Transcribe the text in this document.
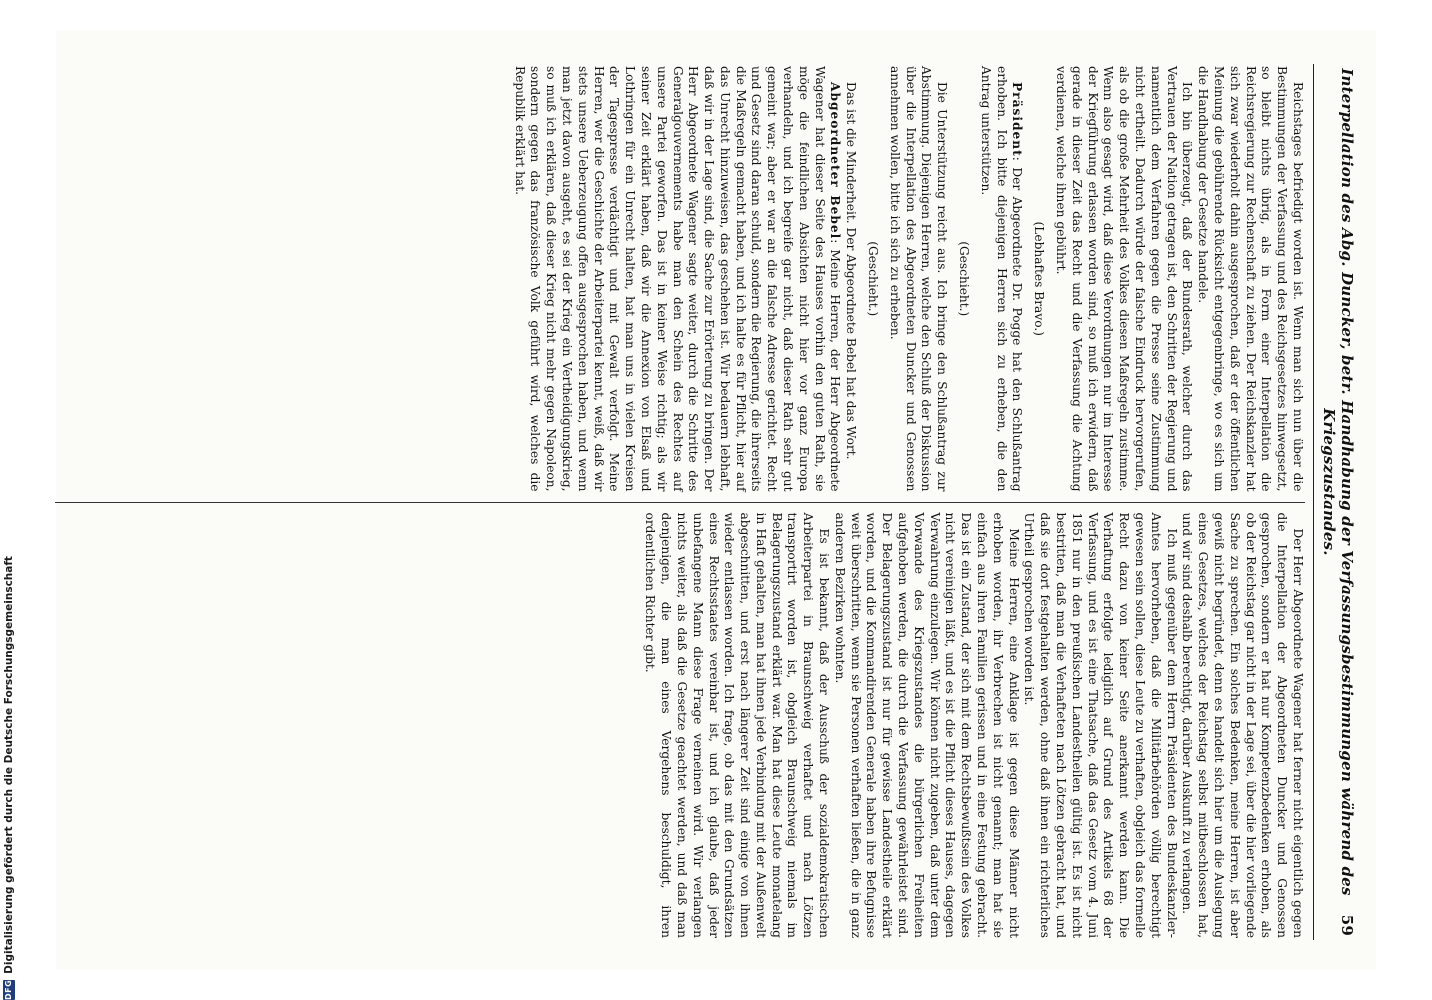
Interpellation des Abg. Duncker, betr. Handhabung der Verfassungsbestimmungen während des Kriegszustandes.
59

Reichstages befriedigt worden ist. Wenn man sich nun über die Bestimmungen der Verfassung und des Reichsgesetzes hinwegsetzt, so bleibt nichts übrig, als in Form einer Interpellation die Reichsregierung zur Rechenschaft zu ziehen. Der Reichskanzler hat sich zwar wiederholt dahin ausgesprochen, daß er der öffentlichen Meinung die gebührende Rücksicht entgegenbringe, wo es sich um die Handhabung der Gesetze handele.

Ich bin überzeugt, daß der Bundesrath, welcher durch das Vertrauen der Nation getragen ist, den Schritten der Regierung und namentlich dem Verfahren gegen die Presse seine Zustimmung nicht ertheilt. Dadurch würde der falsche Eindruck hervorgerufen, als ob die große Mehrheit des Volkes diesen Maßregeln zustimme. Wenn also gesagt wird, daß diese Verordnungen nur im Interesse der Kriegführung erlassen worden sind, so muß ich erwidern, daß gerade in dieser Zeit das Recht und die Verfassung die Achtung verdienen, welche ihnen gebührt.

(Lebhaftes Bravo.)

Präsident: Der Abgeordnete Dr. Pogge hat den Schlußantrag erhoben. Ich bitte diejenigen Herren sich zu erheben, die den Antrag unterstützen.

(Geschieht.)

Die Unterstützung reicht aus. Ich bringe den Schlußantrag zur Abstimmung. Diejenigen Herren, welche den Schluß der Diskussion über die Interpellation des Abgeordneten Duncker und Genossen annehmen wollen, bitte ich sich zu erheben.

(Geschieht.)

Das ist die Minderheit. Der Abgeordnete Bebel hat das Wort.

Abgeordneter Bebel: Meine Herren, der Herr Abgeordnete Wagener hat dieser Seite des Hauses vorhin den guten Rath, sie möge die feindlichen Absichten nicht hier vor ganz Europa verhandeln, und ich begreife gar nicht, daß dieser Rath sehr gut gemeint war; aber er war an die falsche Adresse gerichtet. Recht und Gesetz sind daran schuld, sondern die Regierung, die ihrerseits die Maßregeln gemacht haben, und ich halte es für Pflicht, hier auf das Unrecht hinzuweisen, das geschehen ist. Wir bedauern lebhaft, daß wir in der Lage sind, die Sache zur Erörterung zu bringen. Der Herr Abgeordnete Wagener sagte weiter, durch die Schritte des Generalgouvernements habe man den Schein des Rechtes auf unsere Partei geworfen. Das ist in keiner Weise richtig; als wir seiner Zeit erklärt haben, daß wir die Annexion von Elsaß und Lothringen für ein Unrecht halten, hat man uns in vielen Kreisen der Tagespresse verdächtigt und mit Gewalt verfolgt. Meine Herren, wer die Geschichte der Arbeiterpartei kennt, weiß, daß wir stets unsere Ueberzeugung offen ausgesprochen haben, und wenn man jetzt davon ausgeht, es sei der Krieg ein Vertheidigungskrieg, so muß ich erklären, daß dieser Krieg nicht mehr gegen Napoleon, sondern gegen das französische Volk geführt wird, welches die Republik erklärt hat.

Der Herr Abgeordnete Wagener hat ferner nicht eigentlich gegen die Interpellation der Abgeordneten Duncker und Genossen gesprochen, sondern er hat nur Kompetenzbedenken erhoben, als ob der Reichstag gar nicht in der Lage sei, über die hier vorliegende Sache zu sprechen. Ein solches Bedenken, meine Herren, ist aber gewiß nicht begründet, denn es handelt sich hier um die Auslegung eines Gesetzes, welches der Reichstag selbst mitbeschlossen hat, und wir sind deshalb berechtigt, darüber Auskunft zu verlangen.

Ich muß gegenüber dem Herrn Präsidenten des Bundeskanzler-Amtes hervorheben, daß die Militärbehörden völlig berechtigt gewesen sein sollen, diese Leute zu verhaften, obgleich das formelle Recht dazu von keiner Seite anerkannt werden kann. Die Verhaftung erfolgte lediglich auf Grund des Artikels 68 der Verfassung, und es ist eine Thatsache, daß das Gesetz vom 4. Juni 1851 nur in den preußischen Landestheilen gültig ist. Es ist nicht bestritten, daß man die Verhafteten nach Lötzen gebracht hat, und daß sie dort festgehalten werden, ohne daß ihnen ein richterliches Urtheil gesprochen worden ist.

Meine Herren, eine Anklage ist gegen diese Männer nicht erhoben worden, ihr Verbrechen ist nicht genannt; man hat sie einfach aus ihren Familien gerissen und in eine Festung gebracht. Das ist ein Zustand, der sich mit dem Rechtsbewußtsein des Volkes nicht vereinigen läßt, und es ist die Pflicht dieses Hauses, dagegen Verwahrung einzulegen. Wir können nicht zugeben, daß unter dem Vorwande des Kriegszustandes die bürgerlichen Freiheiten aufgehoben werden, die durch die Verfassung gewährleistet sind. Der Belagerungszustand ist nur für gewisse Landestheile erklärt worden, und die Kommandirenden Generale haben ihre Befugnisse weit überschritten, wenn sie Personen verhaften ließen, die in ganz anderen Bezirken wohnten.

Es ist bekannt, daß der Ausschuß der sozialdemokratischen Arbeiterpartei in Braunschweig verhaftet und nach Lötzen transportirt worden ist, obgleich Braunschweig niemals im Belagerungszustand erklärt war. Man hat diese Leute monatelang in Haft gehalten, man hat ihnen jede Verbindung mit der Außenwelt abgeschnitten, und erst nach längerer Zeit sind einige von ihnen wieder entlassen worden. Ich frage, ob das mit den Grundsätzen eines Rechtsstaates vereinbar ist, und ich glaube, daß jeder unbefangene Mann diese Frage verneinen wird. Wir verlangen nichts weiter, als daß die Gesetze geachtet werden, und daß man denjenigen, die man eines Vergehens beschuldigt, ihren ordentlichen Richter gibt.

DFG
Digitalisierung gefördert durch die Deutsche Forschungsgemeinschaft
